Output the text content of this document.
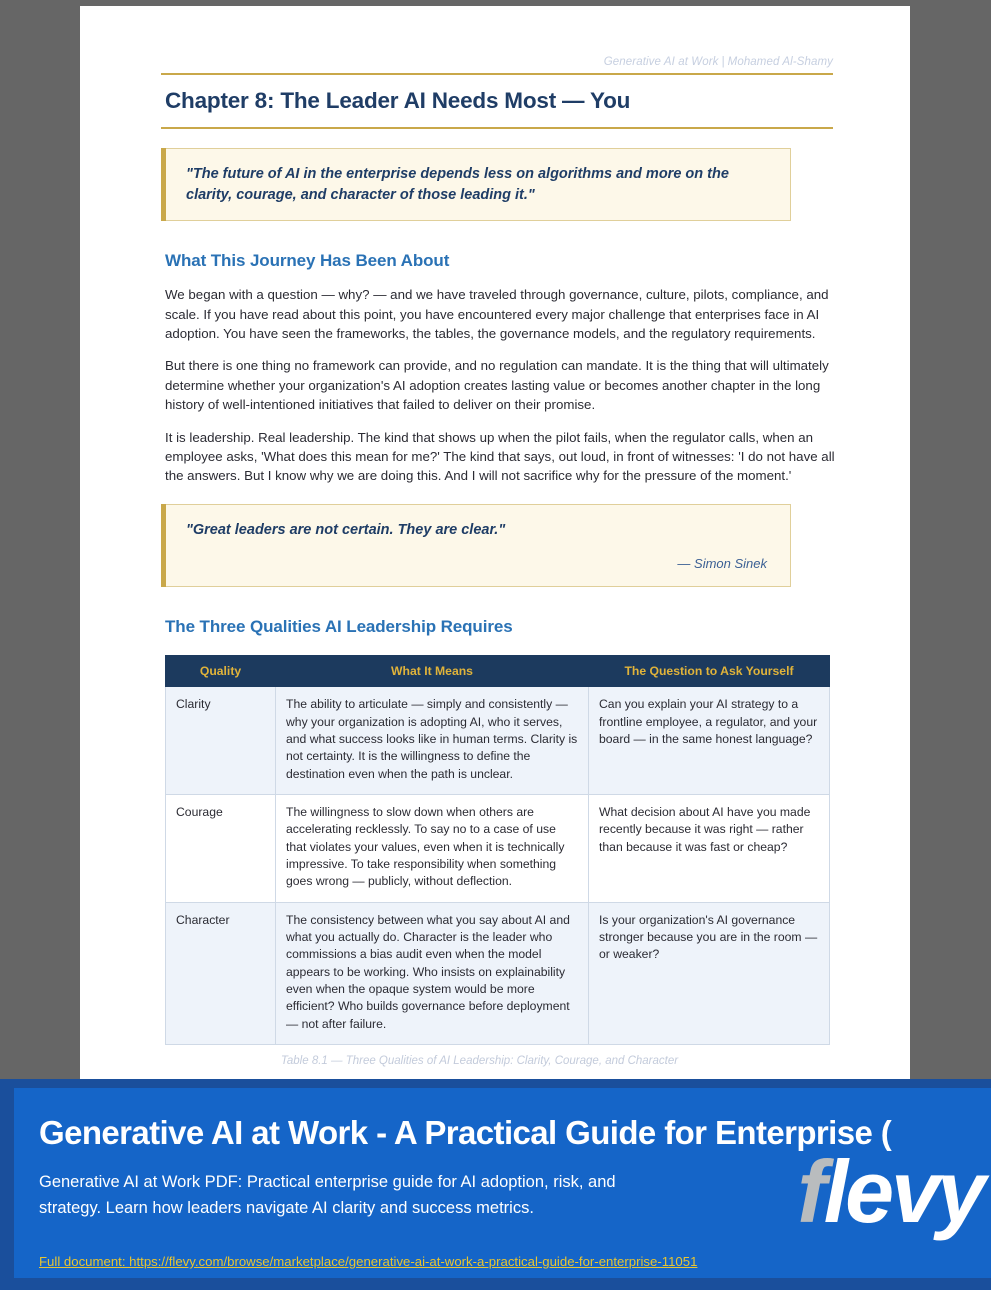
Generative AI at Work | Mohamed Al-Shamy
Chapter 8: The Leader AI Needs Most — You
"The future of AI in the enterprise depends less on algorithms and more on the clarity, courage, and character of those leading it."
What This Journey Has Been About

We began with a question — why? — and we have traveled through governance, culture, pilots, compliance, and scale. If you have read about this point, you have encountered every major challenge that enterprises face in AI adoption. You have seen the frameworks, the tables, the governance models, and the regulatory requirements.

But there is one thing no framework can provide, and no regulation can mandate. It is the thing that will ultimately determine whether your organization's AI adoption creates lasting value or becomes another chapter in the long history of well-intentioned initiatives that failed to deliver on their promise.

It is leadership. Real leadership. The kind that shows up when the pilot fails, when the regulator calls, when an employee asks, 'What does this mean for me?' The kind that says, out loud, in front of witnesses: 'I do not have all the answers. But I know why we are doing this. And I will not sacrifice why for the pressure of the moment.'

"Great leaders are not certain. They are clear."
— Simon Sinek
The Three Qualities AI Leadership Requires
Quality	What It Means	The Question to Ask Yourself
Clarity	The ability to articulate — simply and consistently — why your organization is adopting AI, who it serves, and what success looks like in human terms. Clarity is not certainty. It is the willingness to define the destination even when the path is unclear.	Can you explain your AI strategy to a frontline employee, a regulator, and your board — in the same honest language?
Courage	The willingness to slow down when others are accelerating recklessly. To say no to a case of use that violates your values, even when it is technically impressive. To take responsibility when something goes wrong — publicly, without deflection.	What decision about AI have you made recently because it was right — rather than because it was fast or cheap?
Character	The consistency between what you say about AI and what you actually do. Character is the leader who commissions a bias audit even when the model appears to be working. Who insists on explainability even when the opaque system would be more efficient? Who builds governance before deployment — not after failure.	Is your organization's AI governance stronger because you are in the room — or weaker?
Table 8.1 — Three Qualities of AI Leadership: Clarity, Courage, and Character
Generative AI at Work - A Practical Guide for Enterprise (
Generative AI at Work PDF: Practical enterprise guide for AI adoption, risk, and strategy. Learn how leaders navigate AI clarity and success metrics.
Full document: https://flevy.com/browse/marketplace/generative-ai-at-work-a-practical-guide-for-enterprise-11051
flevy
